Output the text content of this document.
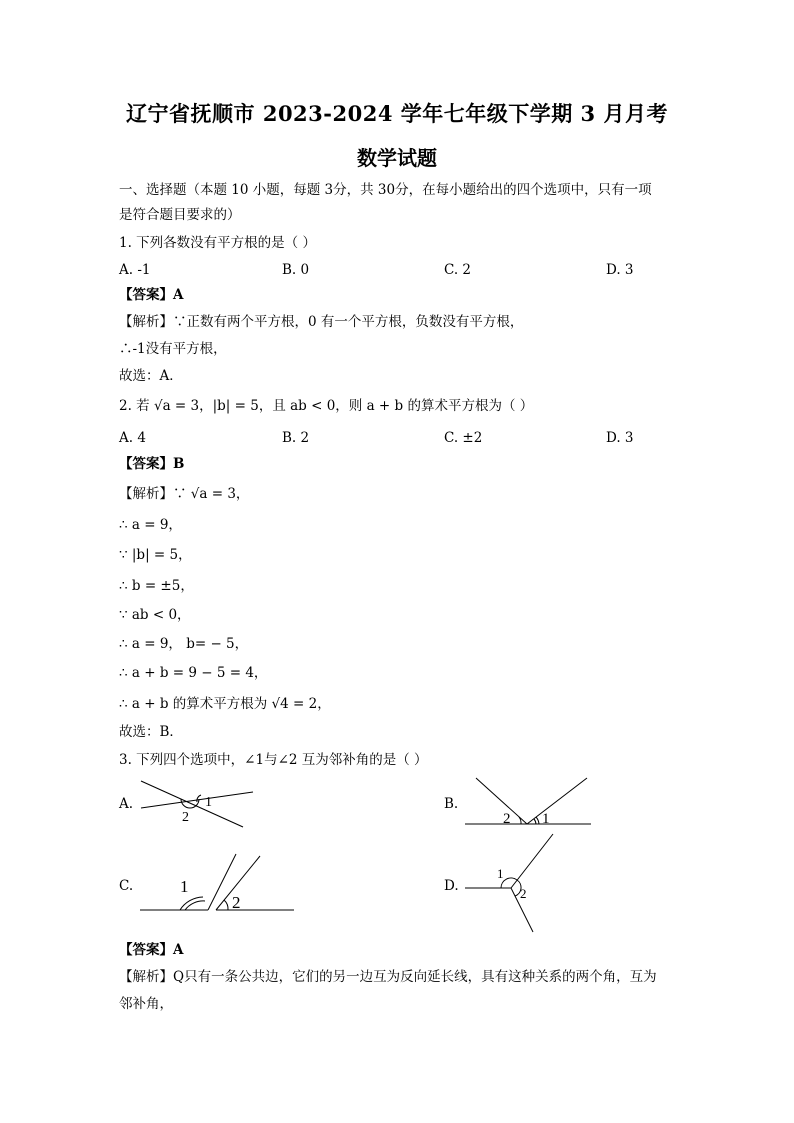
辽宁省抚顺市 2023-2024 学年七年级下学期 3 月月考
数学试题
一、选择题（本题 10 小题，每题 3分，共 30分，在每小题给出的四个选项中，只有一项
是符合题目要求的）
1. 下列各数没有平方根的是（ ）
A. -1	B. 0	C. 2	D. 3
【答案】A
【解析】∵正数有两个平方根，0 有一个平方根，负数没有平方根，
∴-1没有平方根，
故选：A．
2. 若 √a = 3，|b| = 5，且 ab < 0，则 a + b 的算术平方根为（ ）
A. 4	B. 2	C. ±2	D. 3
【答案】B
【解析】∵ √a = 3，
∴ a = 9，
∵ |b| = 5，
∴ b = ±5，
∵ ab < 0，
∴ a = 9， b= − 5，
∴ a + b = 9 − 5 = 4，
∴ a + b 的算术平方根为 √4 = 2，
故选：B．
3. 下列四个选项中，∠1与∠2 互为邻补角的是（ ）
A.	B.
C.	D.
1
2	2 1
1
2
1
2
【答案】A
【解析】Q只有一条公共边，它们的另一边互为反向延长线，具有这种关系的两个角，互为
邻补角，
